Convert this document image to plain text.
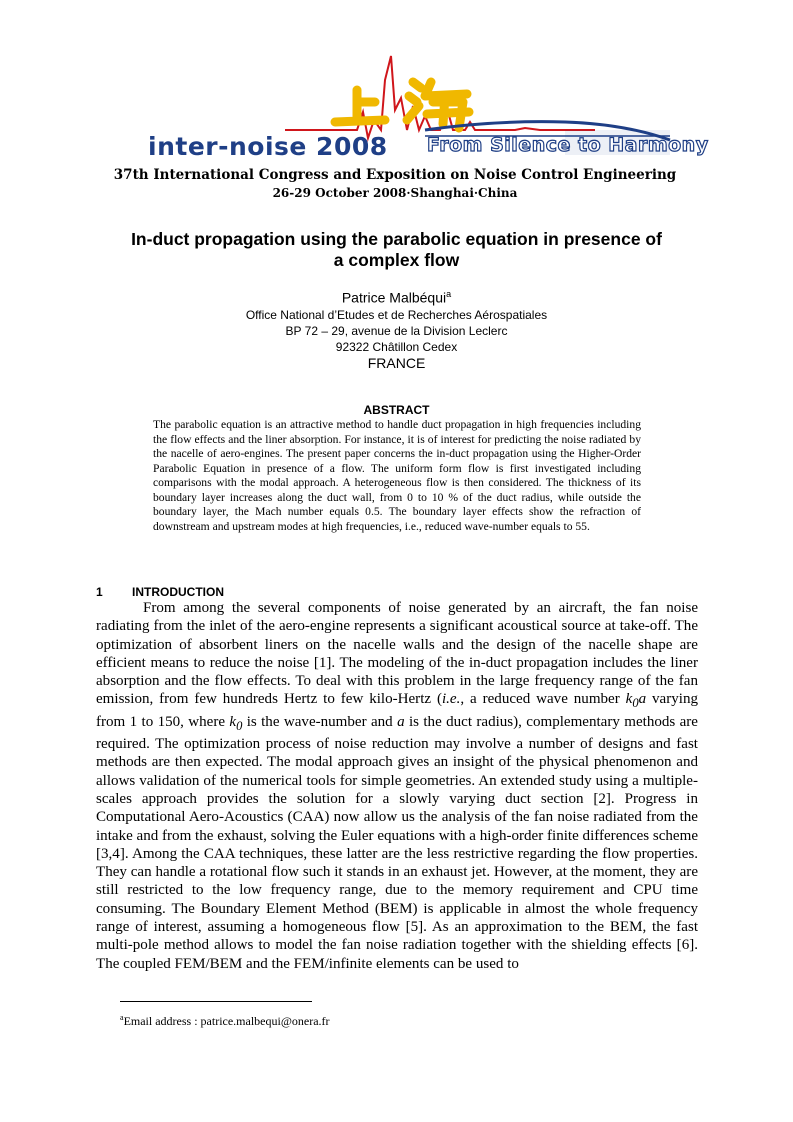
inter-noise 2008 From Silence to Harmony
37th International Congress and Exposition on Noise Control Engineering
26-29 October 2008·Shanghai·China
In-duct propagation using the parabolic equation in presence of
a complex flow
Patrice Malbéqui$^a$
Office National d’Etudes et de Recherches Aérospatiales
BP 72 – 29, avenue de la Division Leclerc
92322 Châtillon Cedex
FRANCE
ABSTRACT
The parabolic equation is an attractive method to handle duct propagation in high frequencies including the flow effects and the liner absorption. For instance, it is of interest for predicting the noise radiated by the nacelle of aero-engines. The present paper concerns the in-duct propagation using the Higher-Order Parabolic Equation in presence of a flow. The uniform form flow is first investigated including comparisons with the modal approach. A heterogeneous flow is then considered. The thickness of its boundary layer increases along the duct wall, from 0 to 10 % of the duct radius, while outside the boundary layer, the Mach number equals 0.5. The boundary layer effects show the refraction of downstream and upstream modes at high frequencies, i.e., reduced wave-number equals to 55.
1 INTRODUCTION
From among the several components of noise generated by an aircraft, the fan noise radiating from the inlet of the aero-engine represents a significant acoustical source at take-off. The optimization of absorbent liners on the nacelle walls and the design of the nacelle shape are efficient means to reduce the noise [1]. The modeling of the in-duct propagation includes the liner absorption and the flow effects. To deal with this problem in the large frequency range of the fan emission, from few hundreds Hertz to few kilo-Hertz (i.e., a reduced wave number $k_0a$ varying from 1 to 150, where $k_0$ is the wave-number and a is the duct radius), complementary methods are required. The optimization process of noise reduction may involve a number of designs and fast methods are then expected. The modal approach gives an insight of the physical phenomenon and allows validation of the numerical tools for simple geometries. An extended study using a multiple-scales approach provides the solution for a slowly varying duct section [2]. Progress in Computational Aero-Acoustics (CAA) now allow us the analysis of the fan noise radiated from the intake and from the exhaust, solving the Euler equations with a high-order finite differences scheme [3,4]. Among the CAA techniques, these latter are the less restrictive regarding the flow properties. They can handle a rotational flow such it stands in an exhaust jet. However, at the moment, they are still restricted to the low frequency range, due to the memory requirement and CPU time consuming. The Boundary Element Method (BEM) is applicable in almost the whole frequency range of interest, assuming a homogeneous flow [5]. As an approximation to the BEM, the fast multi-pole method allows to model the fan noise radiation together with the shielding effects [6]. The coupled FEM/BEM and the FEM/infinite elements can be used to
$^a$Email address : patrice.malbequi@onera.fr
